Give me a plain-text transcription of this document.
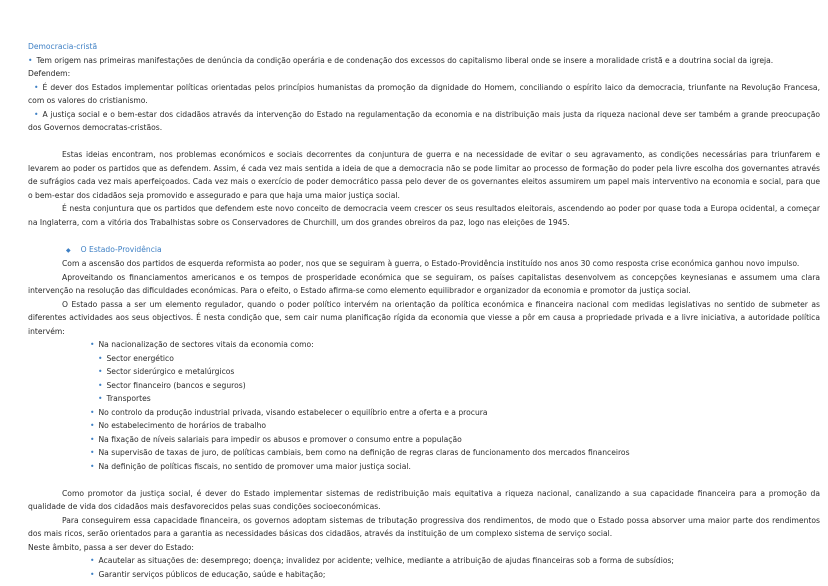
Democracia-cristã
• Tem origem nas primeiras manifestações de denúncia da condição operária e de condenação dos excessos do capitalismo liberal onde se insere a moralidade cristã e a doutrina social da igreja.
Defendem:
• É dever dos Estados implementar políticas orientadas pelos princípios humanistas da promoção da dignidade do Homem, conciliando o espírito laico da democracia, triunfante na Revolução Francesa, com os valores do cristianismo.
• A justiça social e o bem-estar dos cidadãos através da intervenção do Estado na regulamentação da economia e na distribuição mais justa da riqueza nacional deve ser também a grande preocupação dos Governos democratas-cristãos.
Estas ideias encontram, nos problemas económicos e sociais decorrentes da conjuntura de guerra e na necessidade de evitar o seu agravamento, as condições necessárias para triunfarem e levarem ao poder os partidos que as defendem. Assim, é cada vez mais sentida a ideia de que a democracia não se pode limitar ao processo de formação do poder pela livre escolha dos governantes através de sufrágios cada vez mais aperfeiçoados. Cada vez mais o exercício de poder democrático passa pelo dever de os governantes eleitos assumirem um papel mais interventivo na economia e social, para que o bem-estar dos cidadãos seja promovido e assegurado e para que haja uma maior justiça social.
É nesta conjuntura que os partidos que defendem este novo conceito de democracia veem crescer os seus resultados eleitorais, ascendendo ao poder por quase toda a Europa ocidental, a começar na Inglaterra, com a vitória dos Trabalhistas sobre os Conservadores de Churchill, um dos grandes obreiros da paz, logo nas eleições de 1945.
◆ O Estado-Providência
Com a ascensão dos partidos de esquerda reformista ao poder, nos que se seguiram à guerra, o Estado-Providência instituído nos anos 30 como resposta crise económica ganhou novo impulso.
Aproveitando os financiamentos americanos e os tempos de prosperidade económica que se seguiram, os países capitalistas desenvolvem as concepções keynesianas e assumem uma clara intervenção na resolução das dificuldades económicas. Para o efeito, o Estado afirma-se como elemento equilibrador e organizador da economia e promotor da justiça social.
O Estado passa a ser um elemento regulador, quando o poder político intervém na orientação da política económica e financeira nacional com medidas legislativas no sentido de submeter as diferentes actividades aos seus objectivos. É nesta condição que, sem cair numa planificação rígida da economia que viesse a pôr em causa a propriedade privada e a livre iniciativa, a autoridade política intervém:
• Na nacionalização de sectores vitais da economia como:
• Sector energético
• Sector siderúrgico e metalúrgicos
• Sector financeiro (bancos e seguros)
• Transportes
• No controlo da produção industrial privada, visando estabelecer o equilíbrio entre a oferta e a procura
• No estabelecimento de horários de trabalho
• Na fixação de níveis salariais para impedir os abusos e promover o consumo entre a população
• Na supervisão de taxas de juro, de políticas cambiais, bem como na definição de regras claras de funcionamento dos mercados financeiros
• Na definição de políticas fiscais, no sentido de promover uma maior justiça social.
Como promotor da justiça social, é dever do Estado implementar sistemas de redistribuição mais equitativa a riqueza nacional, canalizando a sua capacidade financeira para a promoção da qualidade de vida dos cidadãos mais desfavorecidos pelas suas condições socioeconómicas.
Para conseguirem essa capacidade financeira, os governos adoptam sistemas de tributação progressiva dos rendimentos, de modo que o Estado possa absorver uma maior parte dos rendimentos dos mais ricos, serão orientados para a garantia as necessidades básicas dos cidadãos, através da instituição de um complexo sistema de serviço social.
Neste âmbito, passa a ser dever do Estado:
• Acautelar as situações de: desemprego; doença; invalidez por acidente; velhice, mediante a atribuição de ajudas financeiras sob a forma de subsídios;
• Garantir serviços públicos de educação, saúde e habitação;
